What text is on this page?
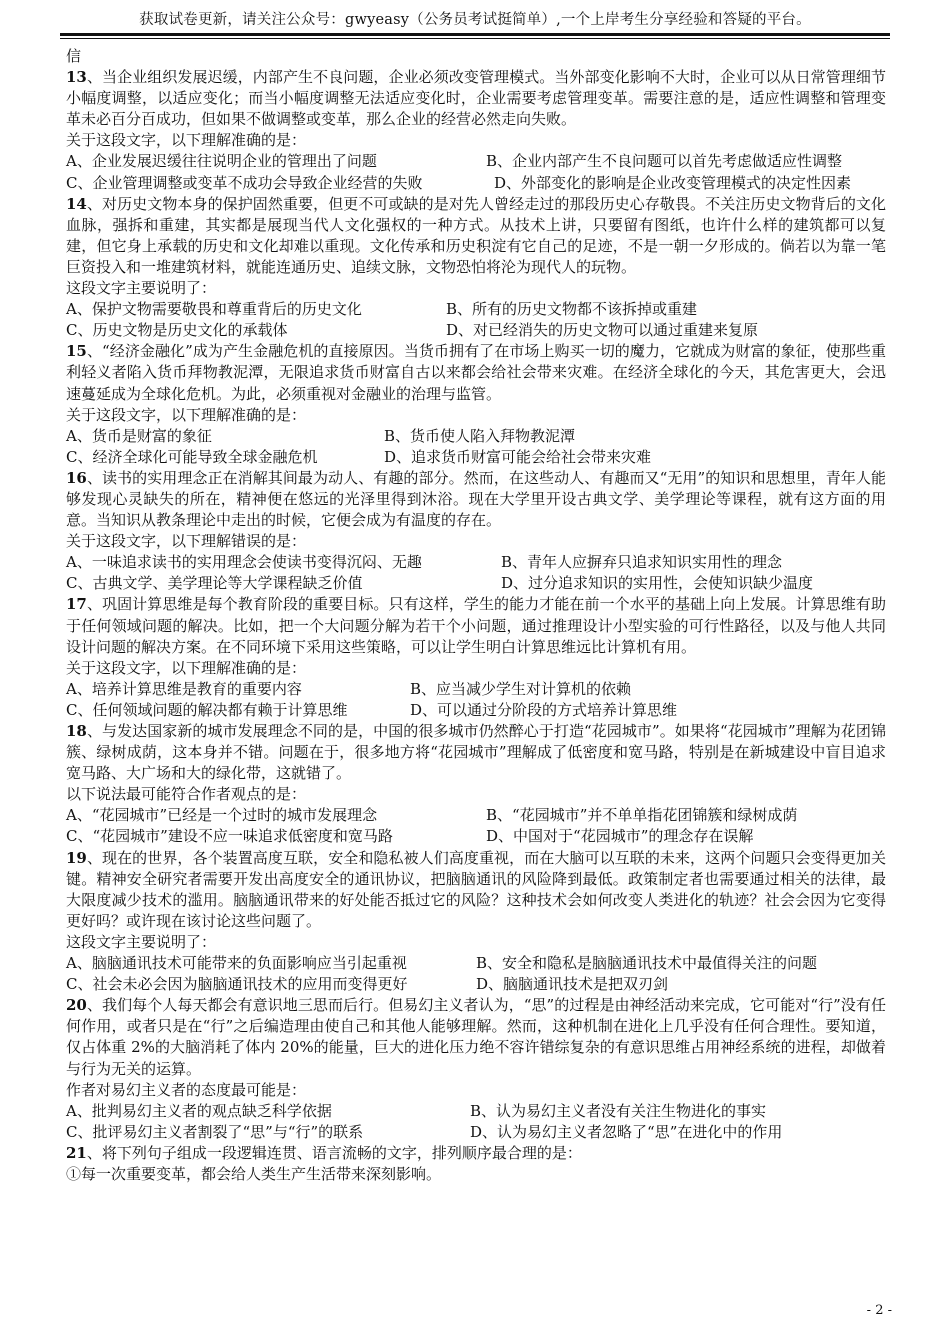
获取试卷更新，请关注公众号：gwyeasy（公务员考试挺简单）,一个上岸考生分享经验和答疑的平台。
信
13、当企业组织发展迟缓，内部产生不良问题，企业必须改变管理模式。当外部变化影响不大时，企业可以从日常管理细节小幅度调整，以适应变化；而当小幅度调整无法适应变化时，企业需要考虑管理变革。需要注意的是，适应性调整和管理变革未必百分百成功，但如果不做调整或变革，那么企业的经营必然走向失败。
关于这段文字，以下理解准确的是：
A、企业发展迟缓往往说明企业的管理出了问题	B、企业内部产生不良问题可以首先考虑做适应性调整
C、企业管理调整或变革不成功会导致企业经营的失败	D、外部变化的影响是企业改变管理模式的决定性因素
14、对历史文物本身的保护固然重要，但更不可或缺的是对先人曾经走过的那段历史心存敬畏。不关注历史文物背后的文化血脉，强拆和重建，其实都是展现当代人文化强权的一种方式。从技术上讲，只要留有图纸，也许什么样的建筑都可以复建，但它身上承载的历史和文化却难以重现。文化传承和历史积淀有它自己的足迹，不是一朝一夕形成的。倘若以为靠一笔巨资投入和一堆建筑材料，就能连通历史、追续文脉，文物恐怕将沦为现代人的玩物。
这段文字主要说明了：
A、保护文物需要敬畏和尊重背后的历史文化	B、所有的历史文物都不该拆掉或重建
C、历史文物是历史文化的承载体	D、对已经消失的历史文物可以通过重建来复原
15、“经济金融化”成为产生金融危机的直接原因。当货币拥有了在市场上购买一切的魔力，它就成为财富的象征，使那些重利轻义者陷入货币拜物教泥潭，无限追求货币财富自古以来都会给社会带来灾难。在经济全球化的今天，其危害更大，会迅速蔓延成为全球化危机。为此，必须重视对金融业的治理与监管。
关于这段文字，以下理解准确的是：
A、货币是财富的象征	B、货币使人陷入拜物教泥潭
C、经济全球化可能导致全球金融危机	D、追求货币财富可能会给社会带来灾难
16、读书的实用理念正在消解其间最为动人、有趣的部分。然而，在这些动人、有趣而又“无用”的知识和思想里，青年人能够发现心灵缺失的所在，精神便在悠远的光泽里得到沐浴。现在大学里开设古典文学、美学理论等课程，就有这方面的用意。当知识从教条理论中走出的时候，它便会成为有温度的存在。
关于这段文字，以下理解错误的是：
A、一味追求读书的实用理念会使读书变得沉闷、无趣	B、青年人应摒弃只追求知识实用性的理念
C、古典文学、美学理论等大学课程缺乏价值	D、过分追求知识的实用性，会使知识缺少温度
17、巩固计算思维是每个教育阶段的重要目标。只有这样，学生的能力才能在前一个水平的基础上向上发展。计算思维有助于任何领域问题的解决。比如，把一个大问题分解为若干个小问题，通过推理设计小型实验的可行性路径，以及与他人共同设计问题的解决方案。在不同环境下采用这些策略，可以让学生明白计算思维远比计算机有用。
关于这段文字，以下理解准确的是：
A、培养计算思维是教育的重要内容	B、应当减少学生对计算机的依赖
C、任何领域问题的解决都有赖于计算思维	D、可以通过分阶段的方式培养计算思维
18、与发达国家新的城市发展理念不同的是，中国的很多城市仍然醉心于打造“花园城市”。如果将“花园城市”理解为花团锦簇、绿树成荫，这本身并不错。问题在于，很多地方将“花园城市”理解成了低密度和宽马路，特别是在新城建设中盲目追求宽马路、大广场和大的绿化带，这就错了。
以下说法最可能符合作者观点的是：
A、“花园城市”已经是一个过时的城市发展理念	B、“花园城市”并不单单指花团锦簇和绿树成荫
C、“花园城市”建设不应一味追求低密度和宽马路	D、中国对于“花园城市”的理念存在误解
19、现在的世界，各个装置高度互联，安全和隐私被人们高度重视，而在大脑可以互联的未来，这两个问题只会变得更加关键。精神安全研究者需要开发出高度安全的通讯协议，把脑脑通讯的风险降到最低。政策制定者也需要通过相关的法律，最大限度减少技术的滥用。脑脑通讯带来的好处能否抵过它的风险？这种技术会如何改变人类进化的轨迹？社会会因为它变得更好吗？或许现在该讨论这些问题了。
这段文字主要说明了：
A、脑脑通讯技术可能带来的负面影响应当引起重视	B、安全和隐私是脑脑通讯技术中最值得关注的问题
C、社会未必会因为脑脑通讯技术的应用而变得更好	D、脑脑通讯技术是把双刃剑
20、我们每个人每天都会有意识地三思而后行。但易幻主义者认为，“思”的过程是由神经活动来完成，它可能对“行”没有任何作用，或者只是在“行”之后编造理由使自己和其他人能够理解。然而，这种机制在进化上几乎没有任何合理性。要知道，仅占体重 2%的大脑消耗了体内 20%的能量，巨大的进化压力绝不容许错综复杂的有意识思维占用神经系统的进程，却做着与行为无关的运算。
作者对易幻主义者的态度最可能是：
A、批判易幻主义者的观点缺乏科学依据	B、认为易幻主义者没有关注生物进化的事实
C、批评易幻主义者割裂了“思”与“行”的联系	D、认为易幻主义者忽略了“思”在进化中的作用
21、将下列句子组成一段逻辑连贯、语言流畅的文字，排列顺序最合理的是：
①每一次重要变革，都会给人类生产生活带来深刻影响。
- 2 -
